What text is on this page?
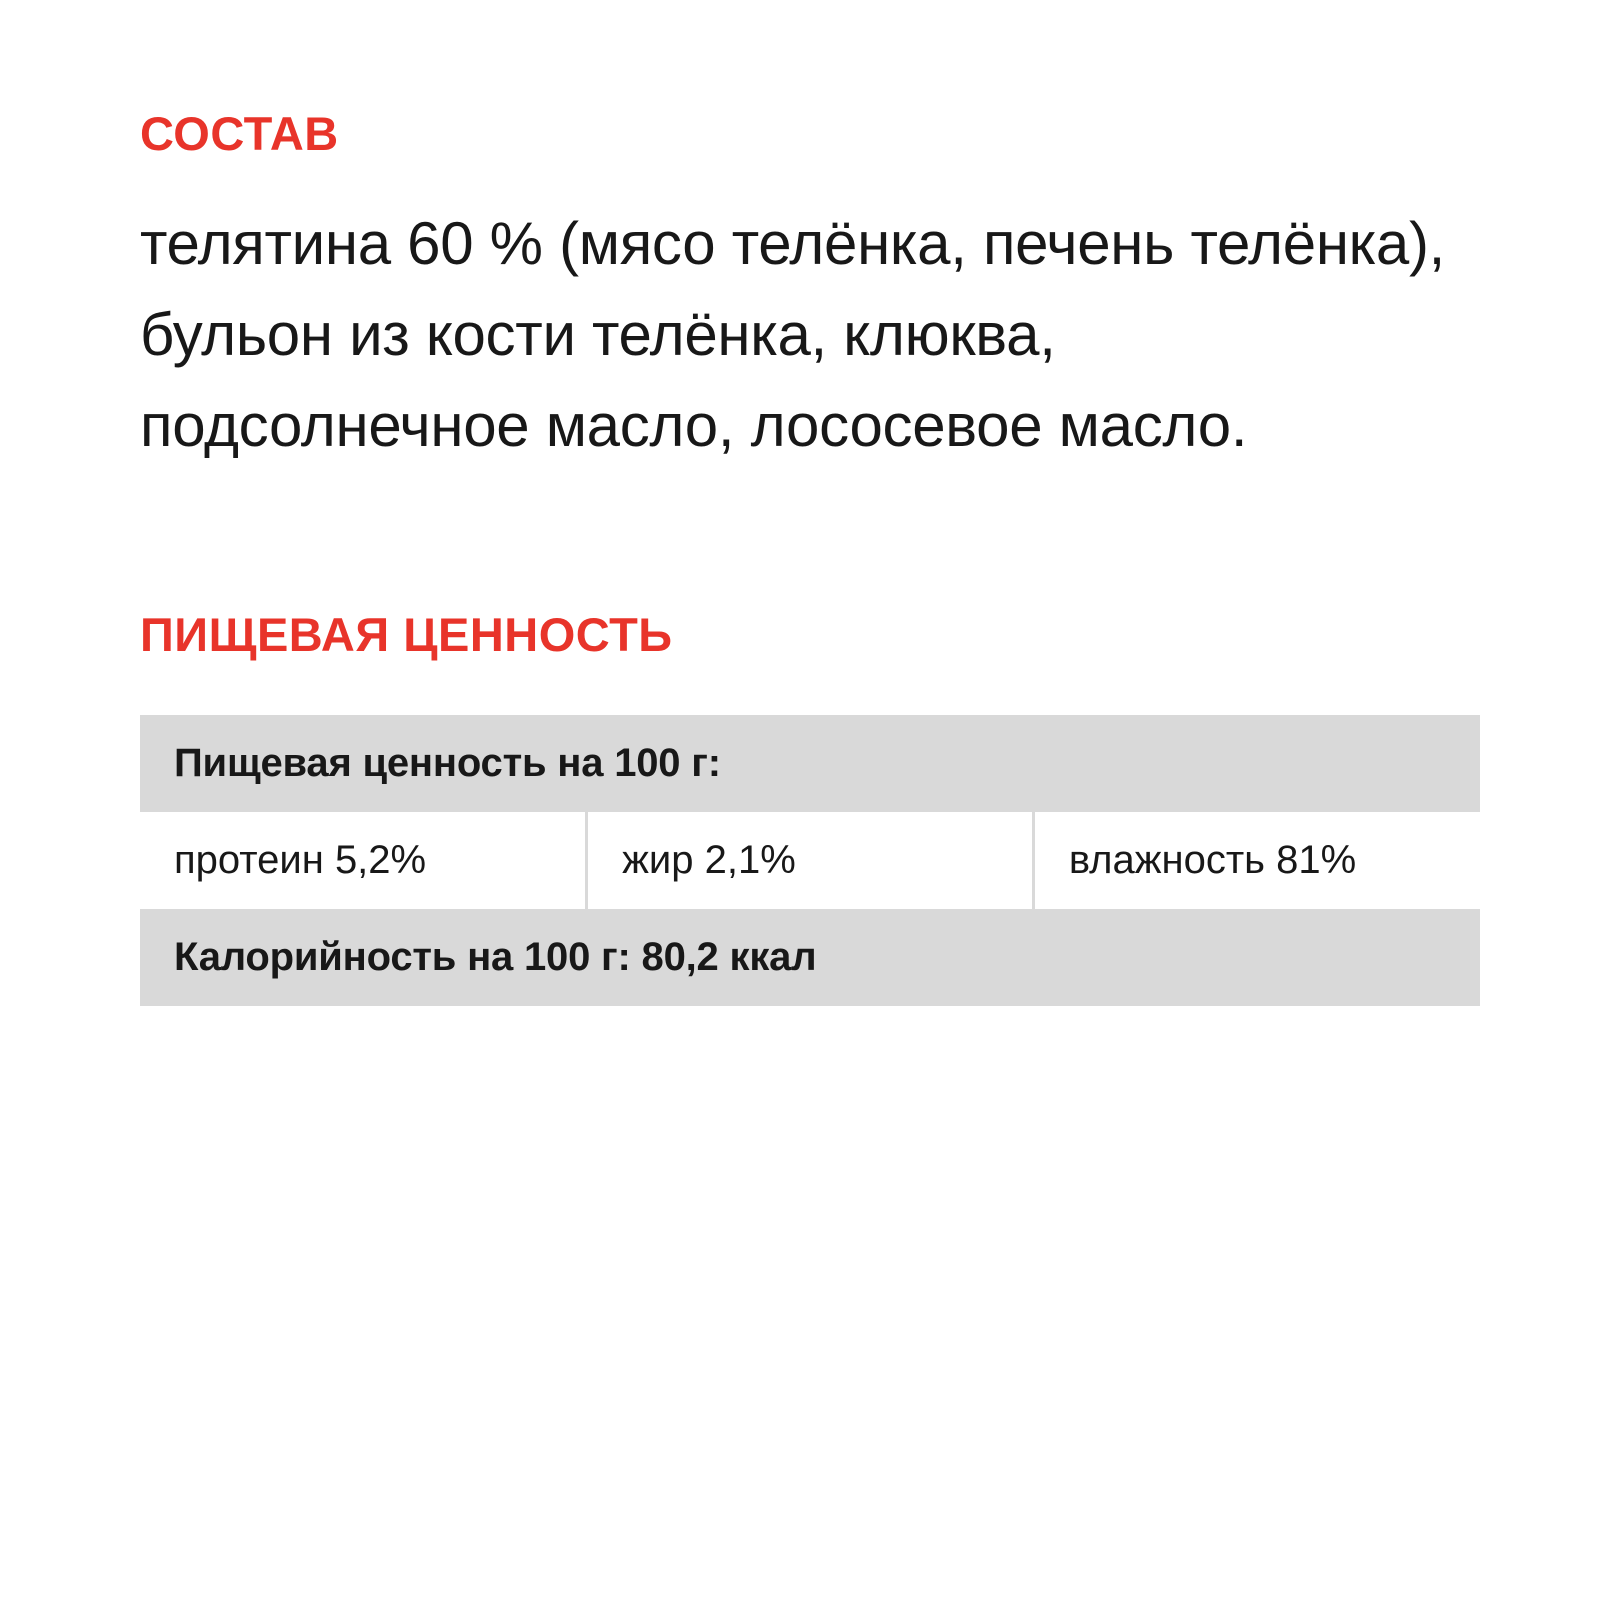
СОСТАВ
телятина 60 % (мясо телёнка, печень телёнка), бульон из кости телёнка, клюква, подсолнечное масло, лососевое масло.
ПИЩЕВАЯ ЦЕННОСТЬ
Пищевая ценность на 100 г:
протеин 5,2%	жир 2,1%	влажность 81%
Калорийность на 100 г: 80,2 ккал
